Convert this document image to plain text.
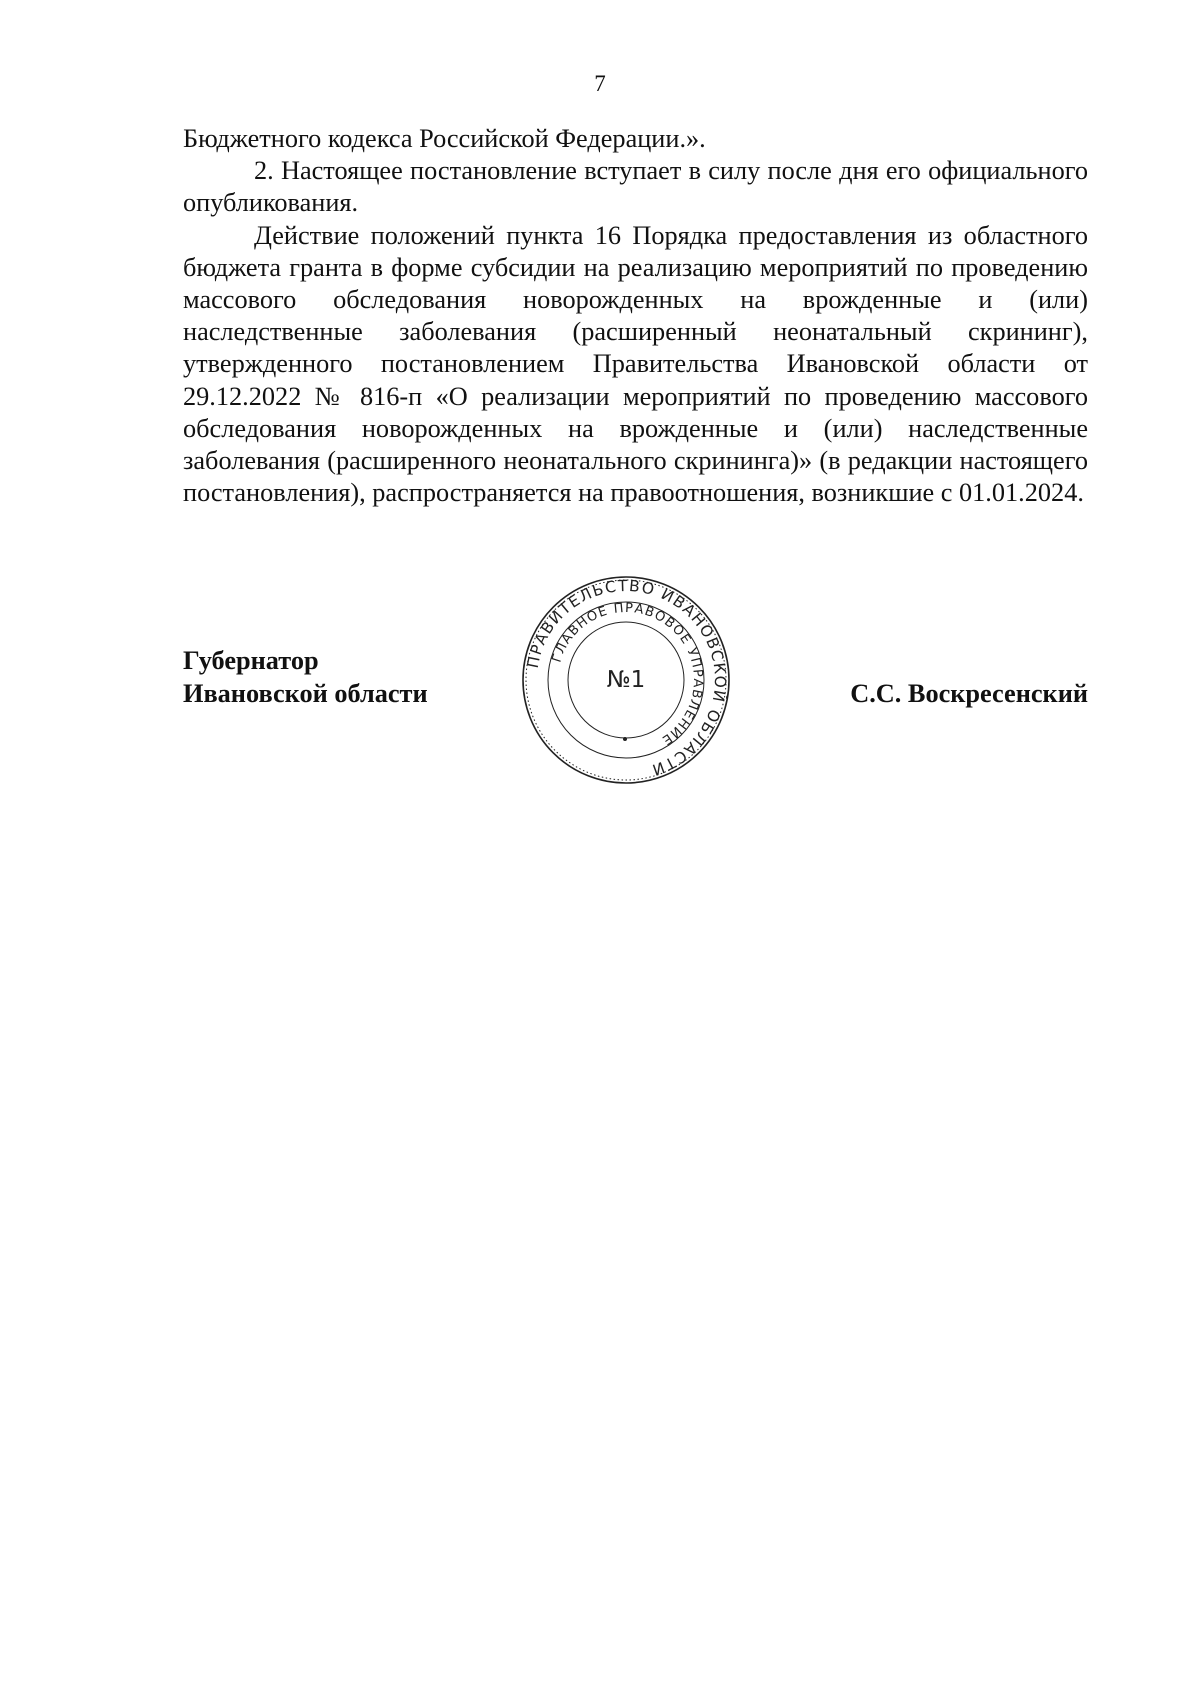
7

Бюджетного кодекса Российской Федерации.».

2. Настоящее постановление вступает в силу после дня его официального опубликования.

Действие положений пункта 16 Порядка предоставления из областного бюджета гранта в форме субсидии на реализацию мероприятий по проведению массового обследования новорожденных на врожденные и (или) наследственные заболевания (расширенный неонатальный скрининг), утвержденного постановлением Правительства Ивановской области от 29.12.2022 № 816-п «О реализации мероприятий по проведению массового обследования новорожденных на врожденные и (или) наследственные заболевания (расширенного неонатального скрининга)» (в редакции настоящего постановления), распространяется на правоотношения, возникшие с 01.01.2024.

Губернатор
Ивановской области	С.С. Воскресенский
ПРАВИТЕЛЬСТВО ИВАНОВСКОЙ ОБЛАСТИ
ГЛАВНОЕ ПРАВОВОЕ УПРАВЛЕНИЕ
№1
